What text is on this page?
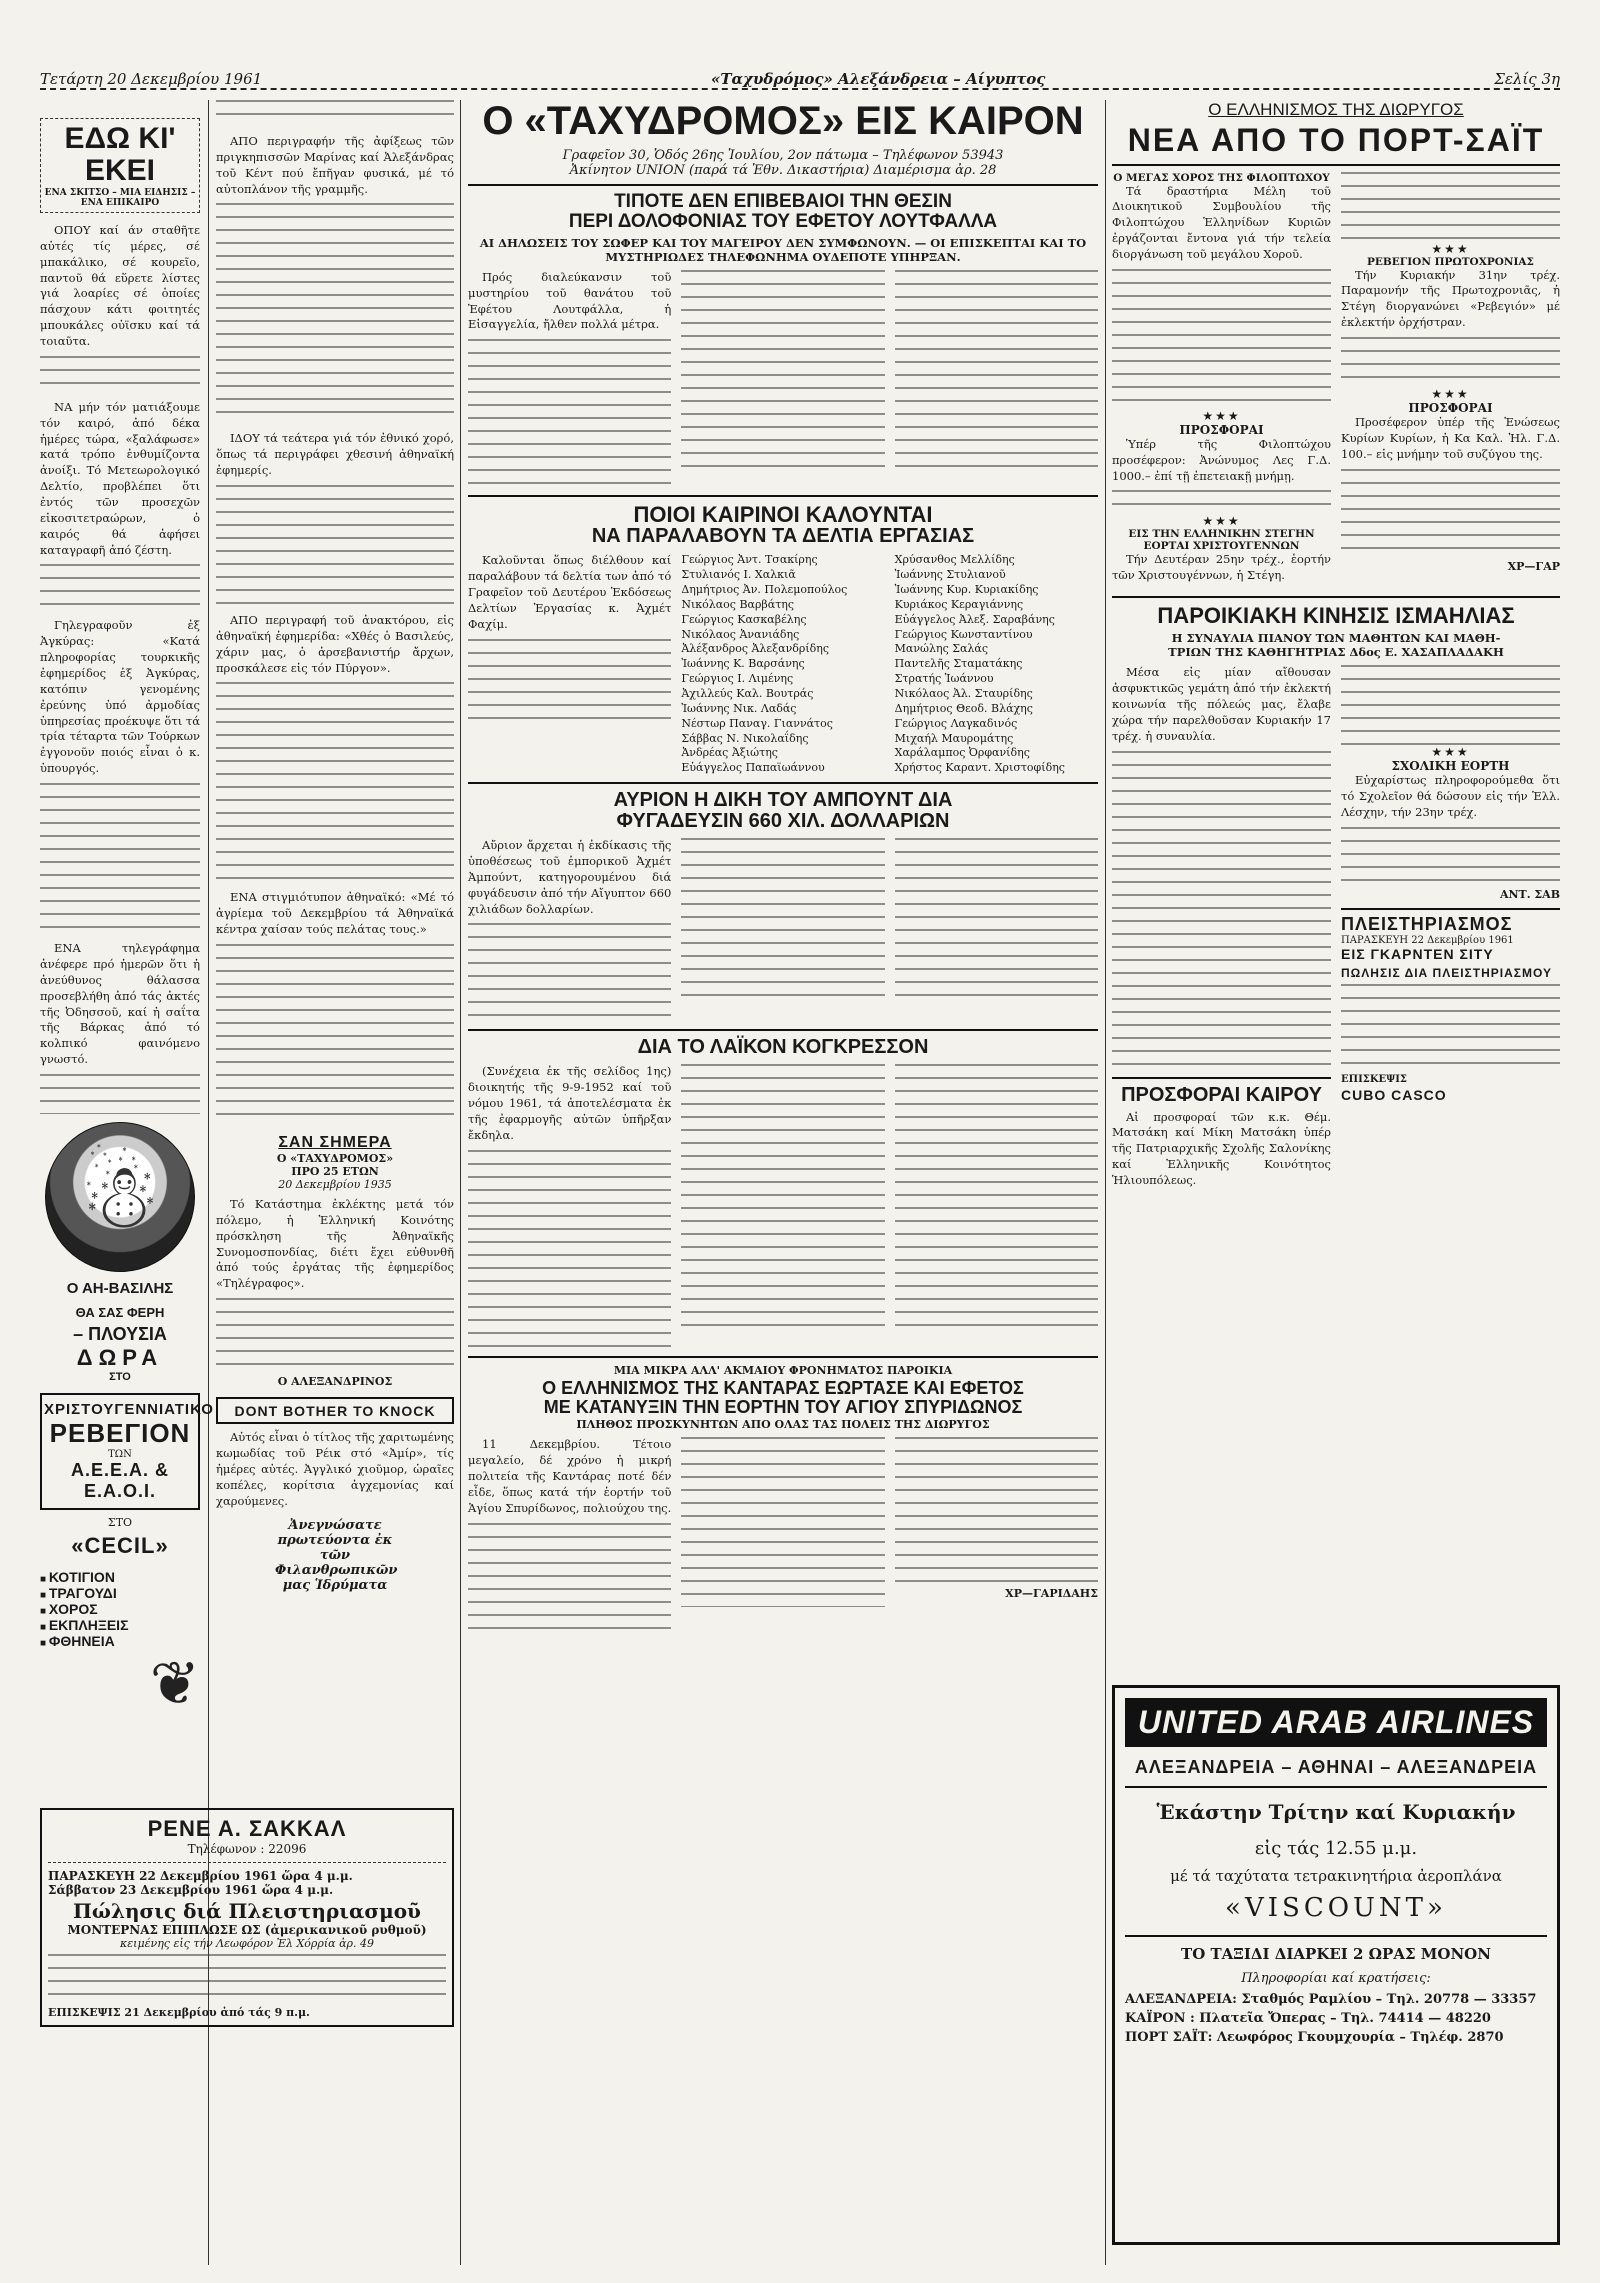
Τετάρτη 20 Δεκεμβρίου 1961	«Ταχυδρόμος» Αλεξάνδρεια – Αίγυπτος	Σελίς 3η
ΕΔΩ ΚΙ' ΕΚΕΙ
ΕΝΑ ΣΚΙΤΣΟ – ΜΙΑ ΕΙΔΗΣΙΣ – ΕΝΑ ΕΠΙΚΑΙΡΟ

ΟΠΟΥ καί άν σταθῆτε αὐτές τίς μέρες, σέ μπακάλικο, σέ κουρεῖο, παντοῦ θά εὕρετε λίστες γιά λοαρίες σέ ὁποίες πάσχουν κάτι φοιτητές μπουκάλες οὐϊσκυ καί τά τοιαῦτα.

ΝΑ μήν τόν ματιάξουμε τόν καιρό, ἀπό δέκα ἡμέρες τώρα, «ξαλάφωσε» κατά τρόπο ἐνθυμίζοντα ἀνοίξι. Τό Μετεωρολογικό Δελτίο, προβλέπει ὅτι ἐντός τῶν προσεχῶν εἰκοσιτετραώρων, ὁ καιρός θά ἀφήσει καταγραφῆ ἀπό ζέστη.

Γηλεγραφοῦν ἐξ Ἀγκύρας: «Κατά πληροφορίας τουρκικῆς ἐφημερίδος ἐξ Ἀγκύρας, κατόπιν γενομένης ἐρεύνης ὑπό ἀρμοδίας ὑπηρεσίας προέκυψε ὅτι τά τρία τέταρτα τῶν Τούρκων ἐγγονοῦν ποιός εἶναι ὁ κ. ὑπουργός.

ΕΝΑ τηλεγράφημα ἀνέφερε πρό ἡμερῶν ὅτι ἡ ἀνεύθυνος θάλασσα προσεβλήθη ἀπό τάς ἀκτές τῆς Ὀδησσοῦ, καί ἡ σαΐτα τῆς Βάρκας ἀπό τό κολπικό φαινόμενο γνωστό.

☃
Ο ΑΗ-ΒΑΣΙΛΗΣ
ΘΑ ΣΑΣ ΦΕΡΗ
– ΠΛΟΥΣΙΑ
ΔΩΡΑ
ΣΤΟ
ΧΡΙΣΤΟΥΓΕΝΝΙΑΤΙΚΟ
ΡΕΒΕΓΙΟΝ
ΤΩΝ
Α.Ε.Ε.Α. & Ε.Α.Ο.Ι.
ΣΤΟ
«CECIL»
■ ΚΟΤΙΓΙΟΝ
■ ΤΡΑΓΟΥΔΙ
■ ΧΟΡΟΣ
■ ΕΚΠΛΗΞΕΙΣ
■ ΦΘΗΝΕΙΑ
❦

ΑΠΟ περιγραφήν τῆς ἀφίξεως τῶν πριγκηπισσῶν Μαρίνας καί Ἀλεξάνδρας τοῦ Κέντ πού ἔπῆγαν φυσικά, μέ τό αὐτοπλάνον τῆς γραμμῆς.

ΙΔΟΥ τά τεάτερα γιά τόν ἐθνικό χορό, ὅπως τά περιγράφει χθεσινή ἀθηναϊκή ἐφημερίς.

ΑΠΟ περιγραφή τοῦ ἀνακτόρου, εἰς ἀθηναϊκή ἐφημερίδα: «Χθές ὁ Βασιλεύς, χάριν μας, ὁ ἀρσεβανιστήρ ἄρχων, προσκάλεσε εἰς τόν Πύργον».

ΕΝΑ στιγμιότυπον ἀθηναϊκό: «Μέ τό ἀγρίεμα τοῦ Δεκεμβρίου τά Ἀθηναϊκά κέντρα χαίσαν τούς πελάτας τους.»

ΣΑΝ ΣΗΜΕΡΑ
Ο «ΤΑΧΥΔΡΟΜΟΣ»
ΠΡΟ 25 ΕΤΩΝ
20 Δεκεμβρίου 1935

Τό Κατάστημα ἐκλέκτης μετά τόν πόλεμο, ἡ Ἑλληνική Κοινότης πρόσκληση τῆς Ἀθηναϊκῆς Συνομοσπονδίας, διέτι ἔχει εὐθυνθῆ ἀπό τούς ἐργάτας τῆς ἐφημερίδος «Τηλέγραφος».

Ο ΑΛΕΞΑΝΔΡΙΝΟΣ
DONT BOTHER TO KNOCK

Αὐτός εἶναι ὁ τίτλος τῆς χαριτωμένης κωμωδίας τοῦ Ρέικ στό «Ἀμίρ», τίς ἡμέρες αὐτές. Ἀγγλικό χιοῦμορ, ὡραῖες κοπέλες, κορίτσια ἀγχεμονίας καί χαρούμενες.

Ἀνεγνώσατε πρωτεύοντα ἐκ τῶν Φιλανθρωπικῶν μας Ἱδρύματα
Ο «ΤΑΧΥΔΡΟΜΟΣ» ΕΙΣ ΚΑΙΡΟΝ
Γραφεῖον 30, Ὁδός 26ης Ἰουλίου, 2ον πάτωμα – Τηλέφωνον 53943
Ἀκίνητον UNION (παρά τά Ἐθν. Δικαστήρια) Διαμέρισμα ἀρ. 28
ΤΙΠΟΤΕ ΔΕΝ ΕΠΙΒΕΒΑΙΟΙ ΤΗΝ ΘΕΣΙΝ
ΠΕΡΙ ΔΟΛΟΦΟΝΙΑΣ ΤΟΥ ΕΦΕΤΟΥ ΛΟΥΤΦΑΛΛΑ
ΑΙ ΔΗΛΩΣΕΙΣ ΤΟΥ ΣΩΦΕΡ ΚΑΙ ΤΟΥ ΜΑΓΕΙΡΟΥ ΔΕΝ ΣΥΜΦΩΝΟΥΝ. — ΟΙ ΕΠΙΣΚΕΠΤΑΙ ΚΑΙ ΤΟ ΜΥΣΤΗΡΙΩΔΕΣ ΤΗΛΕΦΩΝΗΜΑ ΟΥΔΕΠΟΤΕ ΥΠΗΡΞΑΝ.

Πρός διαλεύκανσιν τοῦ μυστηρίου τοῦ θανάτου τοῦ Ἐφέτου Λουτφάλλα, ἡ Εἰσαγγελία, ἤλθεν πολλά μέτρα.

ΠΟΙΟΙ ΚΑΙΡΙΝΟΙ ΚΑΛΟΥΝΤΑΙ
ΝΑ ΠΑΡΑΛΑΒΟΥΝ ΤΑ ΔΕΛΤΙΑ ΕΡΓΑΣΙΑΣ

Καλοῦνται ὅπως διέλθουν καί παραλάβουν τά δελτία των ἀπό τό Γραφεῖον τοῦ Δευτέρου Ἐκδόσεως Δελτίων Ἐργασίας κ. Ἀχμέτ Φαχίμ.

Γεώργιος Ἀντ. Τσακίρης
Στυλιανός Ι. Χαλκιᾶ
Δημήτριος Ἀν. Πολεμοπούλος
Νικόλαος Βαρβάτης
Γεώργιος Κασκαβέλης
Νικόλαος Ἀνανιάδης
Ἀλέξανδρος Ἀλεξανδρίδης
Ἰωάννης Κ. Βαρσάνης
Γεώργιος Ι. Λιμένης
Ἀχιλλεύς Καλ. Βουτράς
Ἰωάννης Νικ. Λαδάς
Νέστωρ Παναγ. Γιαννάτος
Σάββας Ν. Νικολαΐδης
Ἀνδρέας Ἀξιώτης
Εὐάγγελος Παπαϊωάννου
Χρύσανθος Μελλίδης
Ἰωάννης Στυλιανοῦ
Ἰωάννης Κυρ. Κυριακίδης
Κυριάκος Κεραγιάννης
Εὐάγγελος Ἀλεξ. Σαραβάνης
Γεώργιος Κωνσταντίνου
Μανώλης Σαλάς
Παντελῆς Σταματάκης
Στρατής Ἰωάννου
Νικόλαος Ἀλ. Σταυρίδης
Δημήτριος Θεοδ. Βλάχης
Γεώργιος Λαγκαδινός
Μιχαήλ Μαυρομάτης
Χαράλαμπος Ὀρφανίδης
Χρήστος Καραντ. Χριστοφίδης
ΑΥΡΙΟΝ Η ΔΙΚΗ ΤΟΥ ΑΜΠΟΥΝΤ ΔΙΑ
ΦΥΓΑΔΕΥΣΙΝ 660 ΧΙΛ. ΔΟΛΛΑΡΙΩΝ

Αὔριον ἄρχεται ἡ ἐκδίκασις τῆς ὑποθέσεως τοῦ ἐμπορικοῦ Ἀχμέτ Ἀμπούντ, κατηγορουμένου διά φυγάδευσιν ἀπό τήν Αἴγυπτον 660 χιλιάδων δολλαρίων.

ΔΙΑ ΤΟ ΛΑΪΚΟΝ ΚΟΓΚΡΕΣΣΟΝ

(Συνέχεια ἐκ τῆς σελίδος 1ης) διοικητής τῆς 9-9-1952 καί τοῦ νόμου 1961, τά ἀποτελέσματα ἐκ τῆς ἐφαρμογῆς αὐτῶν ὑπῆρξαν ἔκδηλα.

ΜΙΑ ΜΙΚΡΑ ΑΛΛ' ΑΚΜΑΙΟΥ ΦΡΟΝΗΜΑΤΟΣ ΠΑΡΟΙΚΙΑ
Ο ΕΛΛΗΝΙΣΜΟΣ ΤΗΣ ΚΑΝΤΑΡΑΣ ΕΩΡΤΑΣΕ ΚΑΙ ΕΦΕΤΟΣ
ΜΕ ΚΑΤΑΝΥΞΙΝ ΤΗΝ ΕΟΡΤΗΝ ΤΟΥ ΑΓΙΟΥ ΣΠΥΡΙΔΩΝΟΣ
ΠΛΗΘΟΣ ΠΡΟΣΚΥΝΗΤΩΝ ΑΠΟ ΟΛΑΣ ΤΑΣ ΠΟΛΕΙΣ ΤΗΣ ΔΙΩΡΥΓΟΣ

11 Δεκεμβρίου. Τέτοιο μεγαλείο, δέ χρόνο ἡ μικρή πολιτεία τῆς Καντάρας ποτέ δέν εἶδε, ὅπως κατά τήν ἑορτήν τοῦ Ἁγίου Σπυρίδωνος, πολιούχου της.

ΧΡ—ΓΑΡΙΔΑΗΣ
ΡΕΝΕ Α. ΣΑΚΚΑΛ
Τηλέφωνον : 22096
ΠΑΡΑΣΚΕΥΗ 22 Δεκεμβρίου 1961 ὥρα 4 μ.μ.
Σάββατον 23 Δεκεμβρίου 1961 ὥρα 4 μ.μ.
Πώλησις διά Πλειστηριασμοῦ
ΜΟΝΤΕΡΝΑΣ ΕΠΙΠΛΩΣΕ ΩΣ (ἀμερικανικοῦ ρυθμοῦ)
κειμένης εἰς τήν Λεωφόρον Ἐλ Χόρρία ἀρ. 49
ΕΠΙΣΚΕΨΙΣ 21 Δεκεμβρίου ἀπό τάς 9 π.μ.
Ο ΕΛΛΗΝΙΣΜΟΣ ΤΗΣ ΔΙΩΡΥΓΟΣ
ΝΕΑ ΑΠΟ ΤΟ ΠΟΡΤ-ΣΑΪΤ
Ο ΜΕΓΑΣ ΧΟΡΟΣ ΤΗΣ ΦΙΛΟΠΤΩΧΟΥ

Τά δραστήρια Μέλη τοῦ Διοικητικοῦ Συμβουλίου τῆς Φιλοπτώχου Ἑλληνίδων Κυριῶν ἐργάζονται ἔντονα γιά τήν τελεία διοργάνωση τοῦ μεγάλου Χοροῦ.

★★★
ΠΡΟΣΦΟΡΑΙ

Ὑπέρ τῆς Φιλοπτώχου προσέφερον: Ἀνώνυμος Λες Γ.Δ. 1000.– ἐπί τῇ ἐπετειακῇ μνήμῃ.

★★★
ΕΙΣ ΤΗΝ ΕΛΛΗΝΙΚΗΝ ΣΤΕΓΗΝ ΕΟΡΤΑΙ ΧΡΙΣΤΟΥΓΕΝΝΩΝ

Τήν Δευτέραν 25ην τρέχ., ἑορτήν τῶν Χριστουγέννων, ἡ Στέγη.

★★★
ΡΕΒΕΓΙΟΝ ΠΡΩΤΟΧΡΟΝΙΑΣ

Τήν Κυριακήν 31ην τρέχ. Παραμονήν τῆς Πρωτοχρονιᾶς, ἡ Στέγη διοργανώνει «Ρεβεγιόν» μέ ἐκλεκτήν ὀρχήστραν.

★★★
ΠΡΟΣΦΟΡΑΙ

Προσέφερον ὑπέρ τῆς Ἑνώσεως Κυρίων Κυρίων, ἡ Κα Καλ. Ἠλ. Γ.Δ. 100.– εἰς μνήμην τοῦ συζύγου της.

ΧΡ—ΓΑΡ
ΠΑΡΟΙΚΙΑΚΗ ΚΙΝΗΣΙΣ ΙΣΜΑΗΛΙΑΣ
Η ΣΥΝΑΥΛΙΑ ΠΙΑΝΟΥ ΤΩΝ ΜΑΘΗΤΩΝ ΚΑΙ ΜΑΘΗ-
ΤΡΙΩΝ ΤΗΣ ΚΑΘΗΓΗΤΡΙΑΣ Δδος Ε. ΧΑΣΑΠΛΑΔΑΚΗ

Μέσα εἰς μίαν αἴθουσαν ἀσφυκτικῶς γεμάτη ἀπό τήν ἐκλεκτή κοινωνία τῆς πόλεώς μας, ἔλαβε χώρα τήν παρελθοῦσαν Κυριακήν 17 τρέχ. ἡ συναυλία.

ΠΡΟΣΦΟΡΑΙ ΚΑΙΡΟΥ

Αἱ προσφοραί τῶν κ.κ. Θέμ. Ματσάκη καί Μίκη Ματσάκη ὑπέρ τῆς Πατριαρχικῆς Σχολῆς Σαλονίκης καί Ἑλληνικῆς Κοινότητος Ἡλιουπόλεως.

★★★
ΣΧΟΛΙΚΗ ΕΟΡΤΗ

Εὐχαρίστως πληροφορούμεθα ὅτι τό Σχολεῖον θά δώσουν εἰς τήν Ἑλλ. Λέσχην, τήν 23ην τρέχ.

ΑΝΤ. ΣΑΒ
ΠΛΕΙΣΤΗΡΙΑΣΜΟΣ
ΠΑΡΑΣΚΕΥΗ 22 Δεκεμβρίου 1961
ΕΙΣ ΓΚΑΡΝΤΕΝ ΣΙΤΥ
ΠΩΛΗΣΙΣ ΔΙΑ ΠΛΕΙΣΤΗΡΙΑΣΜΟΥ
ΕΠΙΣΚΕΨΙΣ
CUBO CASCO
UNITED ARAB AIRLINES
ΑΛΕΞΑΝΔΡΕΙΑ – ΑΘΗΝΑΙ – ΑΛΕΞΑΝΔΡΕΙΑ
Ἑκάστην Τρίτην καί Κυριακήν
εἰς τάς 12.55 μ.μ.
μέ τά ταχύτατα τετρακινητήρια ἀεροπλάνα
«VISCOUNT»
ΤΟ ΤΑΞΙΔΙ ΔΙΑΡΚΕΙ 2 ΩΡΑΣ ΜΟΝΟΝ
Πληροφορίαι καί κρατήσεις:
ΑΛΕΞΑΝΔΡΕΙΑ: Σταθμός Ραμλίου – Τηλ. 20778 — 33357
ΚΑΪΡΟΝ : Πλατεῖα Ὄπερας – Τηλ. 74414 — 48220
ΠΟΡΤ ΣΑΪΤ: Λεωφόρος Γκουμχουρία – Τηλέφ. 2870
